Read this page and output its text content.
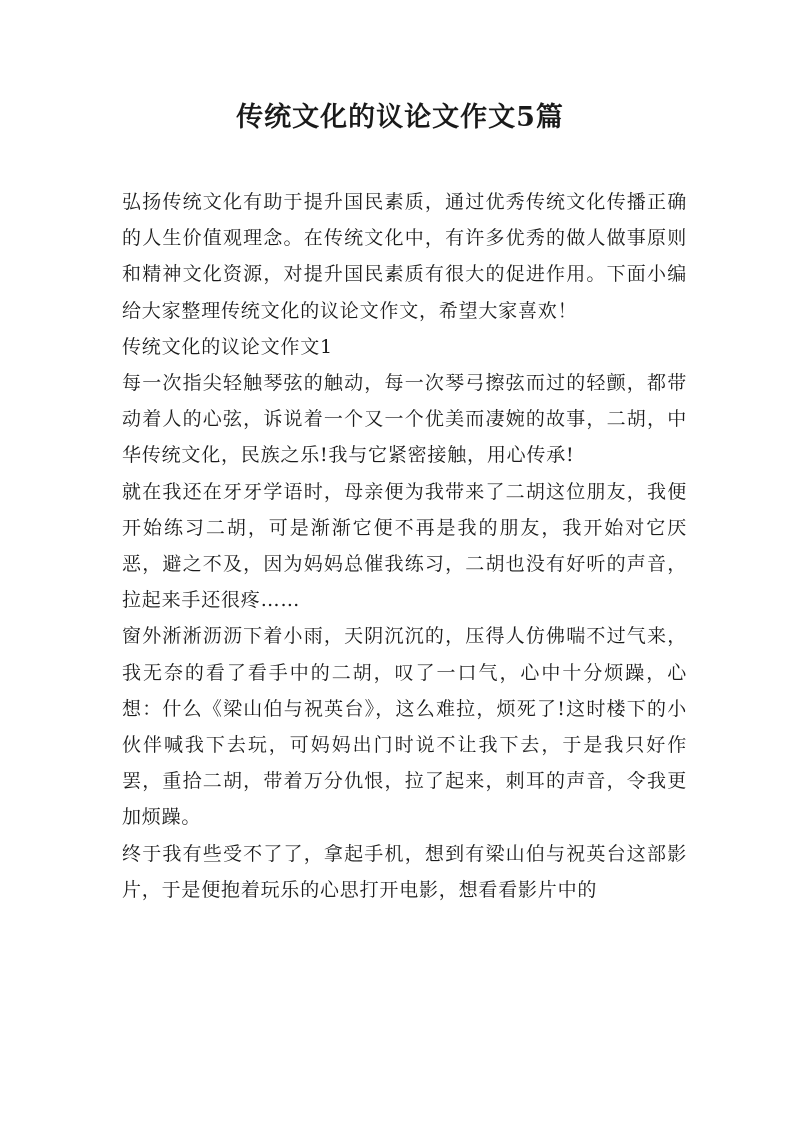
传统文化的议论文作文5篇

弘扬传统文化有助于提升国民素质，通过优秀传统文化传播正确的人生价值观理念。在传统文化中，有许多优秀的做人做事原则和精神文化资源，对提升国民素质有很大的促进作用。下面小编给大家整理传统文化的议论文作文，希望大家喜欢！

传统文化的议论文作文1

每一次指尖轻触琴弦的触动，每一次琴弓擦弦而过的轻颤，都带动着人的心弦，诉说着一个又一个优美而凄婉的故事，二胡，中华传统文化，民族之乐!我与它紧密接触，用心传承!

就在我还在牙牙学语时，母亲便为我带来了二胡这位朋友，我便开始练习二胡，可是渐渐它便不再是我的朋友，我开始对它厌恶，避之不及，因为妈妈总催我练习，二胡也没有好听的声音，拉起来手还很疼……

窗外淅淅沥沥下着小雨，天阴沉沉的，压得人仿佛喘不过气来，我无奈的看了看手中的二胡，叹了一口气，心中十分烦躁，心想：什么《梁山伯与祝英台》，这么难拉，烦死了!这时楼下的小伙伴喊我下去玩，可妈妈出门时说不让我下去，于是我只好作罢，重拾二胡，带着万分仇恨，拉了起来，刺耳的声音，令我更加烦躁。

终于我有些受不了了，拿起手机，想到有梁山伯与祝英台这部影片，于是便抱着玩乐的心思打开电影，想看看影片中的
